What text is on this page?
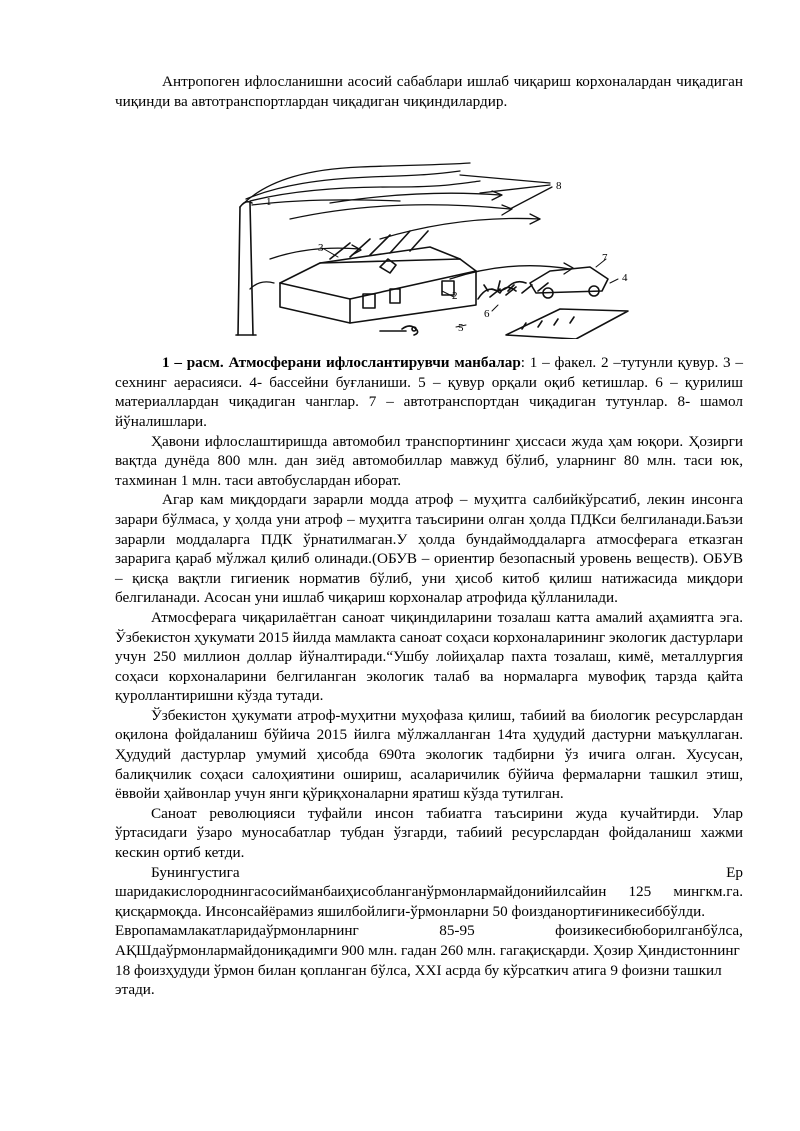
Антропоген ифлосланишни асосий сабаблари ишлаб чиқариш корхоналардан чиқадиган чиқинди ва автотранспортлардан чиқадиган чиқиндилардир.

1
2
3
4
5
6
7
8

1 – расм. Атмосферани ифлослантирувчи манбалар: 1 – факел. 2 –тутунли қувур. 3 – сехнинг аерасияси. 4- бассейни буғланиши. 5 – қувур орқали оқиб кетишлар. 6 – қурилиш материаллардан чиқадиган чанглар. 7 – автотранспортдан чиқадиган тутунлар. 8- шамол йўналишлари.

Ҳавони ифлослаштиришда автомобил транспортининг ҳиссаси жуда ҳам юқори. Ҳозирги вақтда дунёда 800 млн. дан зиёд автомобиллар мавжуд бўлиб, уларнинг 80 млн. таси юк, тахминан 1 млн. таси автобуслардан иборат.

Агар кам миқдордаги зарарли модда атроф – муҳитга салбийкўрсатиб, лекин инсонга зарари бўлмаса, у ҳолда уни атроф – муҳитга таъсирини олган ҳолда ПДКси белгиланади.Баъзи зарарли моддаларга ПДК ўрнатилмаган.У ҳолда бундаймоддаларга атмосферага етказган зарарига қараб мўлжал қилиб олинади.(ОБУВ – ориентир безопасный уровень веществ). ОБУВ – қисқа вақтли гигиеник норматив бўлиб, уни ҳисоб китоб қилиш натижасида миқдори белгиланади. Асосан уни ишлаб чиқариш корхоналар атрофида қўлланилади.

Атмосферага чиқарилаётган саноат чиқиндиларини тозалаш катта амалий аҳамиятга эга. Ўзбекистон ҳукумати 2015 йилда мамлакта саноат соҳаси корхоналарининг экологик дастурлари учун 250 миллион доллар йўналтиради.“Ушбу лойиҳалар пахта тозалаш, кимё, металлургия соҳаси корхоналарини белгиланган экологик талаб ва нормаларга мувофиқ тарзда қайта қуроллантиришни кўзда тутади.

Ўзбекистон ҳукумати атроф-муҳитни муҳофаза қилиш, табиий ва биологик ресурслардан оқилона фойдаланиш бўйича 2015 йилга мўлжалланган 14та ҳудудий дастурни маъқуллаган. Ҳудудий дастурлар умумий ҳисобда 690та экологик тадбирни ўз ичига олган. Хусусан, балиқчилик соҳаси салоҳиятини ошириш, асаларичилик бўйича фермаларни ташкил этиш, ёввойи ҳайвонлар учун янги қўриқхоналарни яратиш кўзда тутилган.

Саноат революцияси туфайли инсон табиатга таъсирини жуда кучайтирди. Улар ўртасидаги ўзаро муносабатлар тубдан ўзгарди, табиий ресурслардан фойдаланиш хажми кескин ортиб кетди.

Бунингустига	Ер

шаридакислороднингасосийманбаиҳисобланганўрмонлармайдонийилсайин 125 мингкм.га. қисқармоқда. Инсонсайёрамиз яшилбойлиги-ўрмонларни 50 фоизданортиғиникесиббўлди.

Европамамлакатларидаўрмонларнинг	85-95	фоизикесибюборилганбўлса,

АҚШдаўрмонлармайдониқадимги 900 млн. гадан 260 млн. гагақисқарди. Ҳозир Ҳиндистоннинг 18 фоизҳудуди ўрмон билан қопланган бўлса, ХХI асрда бу кўрсаткич атига 9 фоизни ташкил этади.
